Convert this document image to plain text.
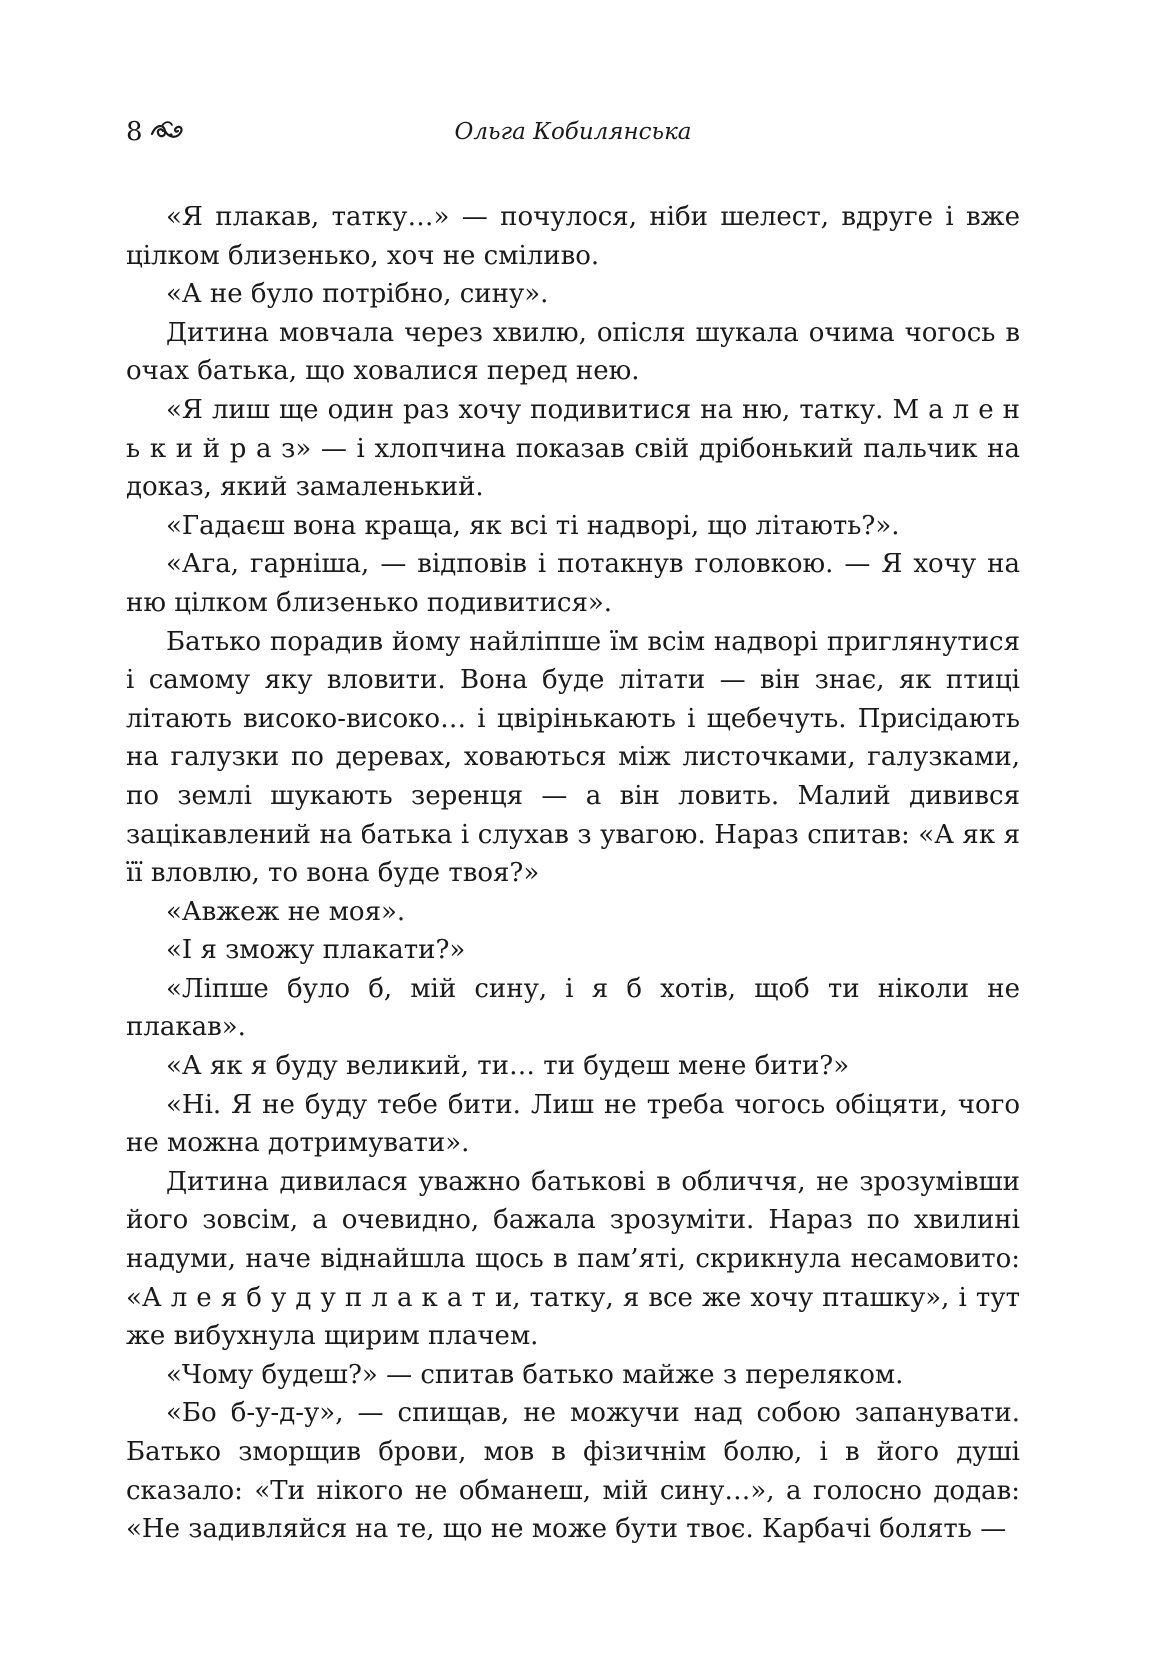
8	Ольга Кобилянська

«Я плакав, татку…» — почулося, ніби шелест, вдруге і вже цілком близенько, хоч не сміливо.

«А не було потрібно, сину».

Дитина мовчала через хвилю, опісля шукала очима чогось в очах батька, що ховалися перед нею.

«Я лиш ще один раз хочу подивитися на ню, татку. М а л е н ь к и й р а з» — і хлопчина показав свій дрібонький пальчик на доказ, який замаленький.

«Гадаєш вона краща, як всі ті надворі, що літають?».

«Ага, гарніша, — відповів і потакнув головкою. — Я хочу на ню цілком близенько подивитися».

Батько порадив йому найліпше їм всім надворі приглянутися і самому яку вловити. Вона буде літати — він знає, як птиці літають високо-високо… і цвірінькають і щебечуть. Присідають на галузки по деревах, ховаються між листочками, галузками, по землі шукають зеренця — а він ловить. Малий дивився зацікавлений на батька і слухав з увагою. Нараз спитав: «А як я її вловлю, то вона буде твоя?»

«Авжеж не моя».

«І я зможу плакати?»

«Ліпше було б, мій сину, і я б хотів, щоб ти ніколи не плакав».

«А як я буду великий, ти… ти будеш мене бити?»

«Ні. Я не буду тебе бити. Лиш не треба чогось обіцяти, чого не можна дотримувати».

Дитина дивилася уважно батькові в обличчя, не зрозумівши його зовсім, а очевидно, бажала зрозуміти. Нараз по хвилині надуми, наче віднайшла щось в пам’яті, скрикнула несамовито: «А л е я б у д у п л а к а т и, татку, я все же хочу пташку», і тут же вибухнула щирим плачем.

«Чому будеш?» — спитав батько майже з переляком.

«Бо б-у-д-у», — спищав, не можучи над собою запанувати. Батько зморщив брови, мов в фізичнім болю, і в його душі сказало: «Ти нікого не обманеш, мій сину…», а голосно додав: «Не задивляйся на те, що не може бути твоє. Карбачі болять —
